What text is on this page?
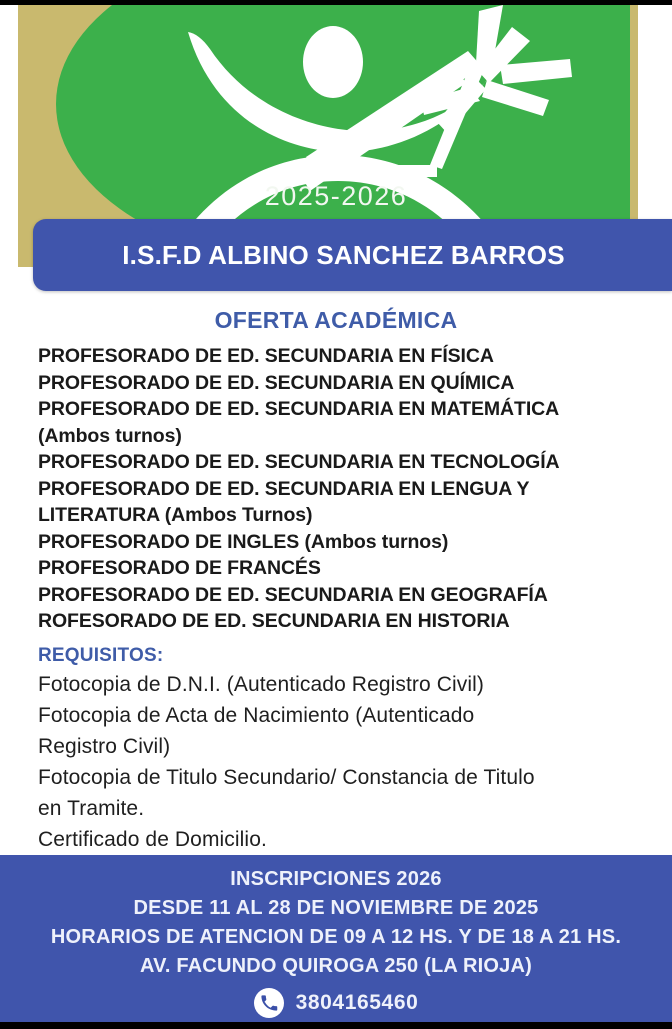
2025-2026
I.S.F.D ALBINO SANCHEZ BARROS
OFERTA ACADÉMICA
PROFESORADO DE ED. SECUNDARIA EN FÍSICA
PROFESORADO DE ED. SECUNDARIA EN QUÍMICA
PROFESORADO DE ED. SECUNDARIA EN MATEMÁTICA
(Ambos turnos)
PROFESORADO DE ED. SECUNDARIA EN TECNOLOGÍA
PROFESORADO DE ED. SECUNDARIA EN LENGUA Y
LITERATURA (Ambos Turnos)
PROFESORADO DE INGLES (Ambos turnos)
PROFESORADO DE FRANCÉS
PROFESORADO DE ED. SECUNDARIA EN GEOGRAFÍA
ROFESORADO DE ED. SECUNDARIA EN HISTORIA
REQUISITOS:
Fotocopia de D.N.I. (Autenticado Registro Civil)
Fotocopia de Acta de Nacimiento (Autenticado
Registro Civil)
Fotocopia de Titulo Secundario/ Constancia de Titulo
en Tramite.
Certificado de Domicilio.
INSCRIPCIONES 2026
DESDE 11 AL 28 DE NOVIEMBRE DE 2025
HORARIOS DE ATENCION DE 09 A 12 HS. Y DE 18 A 21 HS.
AV. FACUNDO QUIROGA 250 (LA RIOJA)
3804165460
